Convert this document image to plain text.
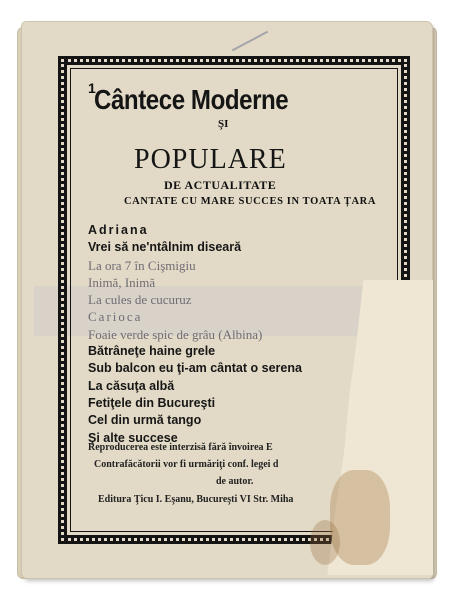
1
Cântece Moderne
ŞI
POPULARE
DE ACTUALITATE
CANTATE CU MARE SUCCES IN TOATA ȚARA
Adriana
Vrei să ne'ntâlnim diseară
La ora 7 în Cişmigiu
Inimă, Inimă
La cules de cucuruz
Carioca
Foaie verde spic de grâu (Albina)
Bătrâneţe haine grele
Sub balcon eu ţi-am cântat o serena
La căsuţa albă
Fetiţele din Bucureşti
Cel din urmă tango
Şi alte succese
Reproducerea este interzisă fără învoirea E
Contrafăcătorii vor fi urmăriţi conf. legei d
de autor.
Editura Ţicu I. Eşanu, Bucureşti VI Str. Miha
